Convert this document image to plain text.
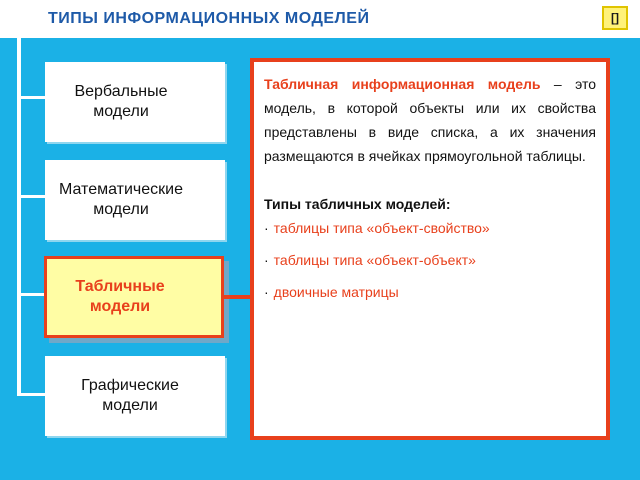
ТИПЫ ИНФОРМАЦИОННЫХ МОДЕЛЕЙ	[]
Вербальные модели
Математические модели
Табличные модели
Графические модели

Табличная информационная модель – это модель, в которой объекты или их свойства представлены в виде списка, а их значения размещаются в ячейках прямоугольной таблицы.

Типы табличных моделей:
· таблицы типа «объект-свойство»
· таблицы типа «объект-объект»
· двоичные матрицы
